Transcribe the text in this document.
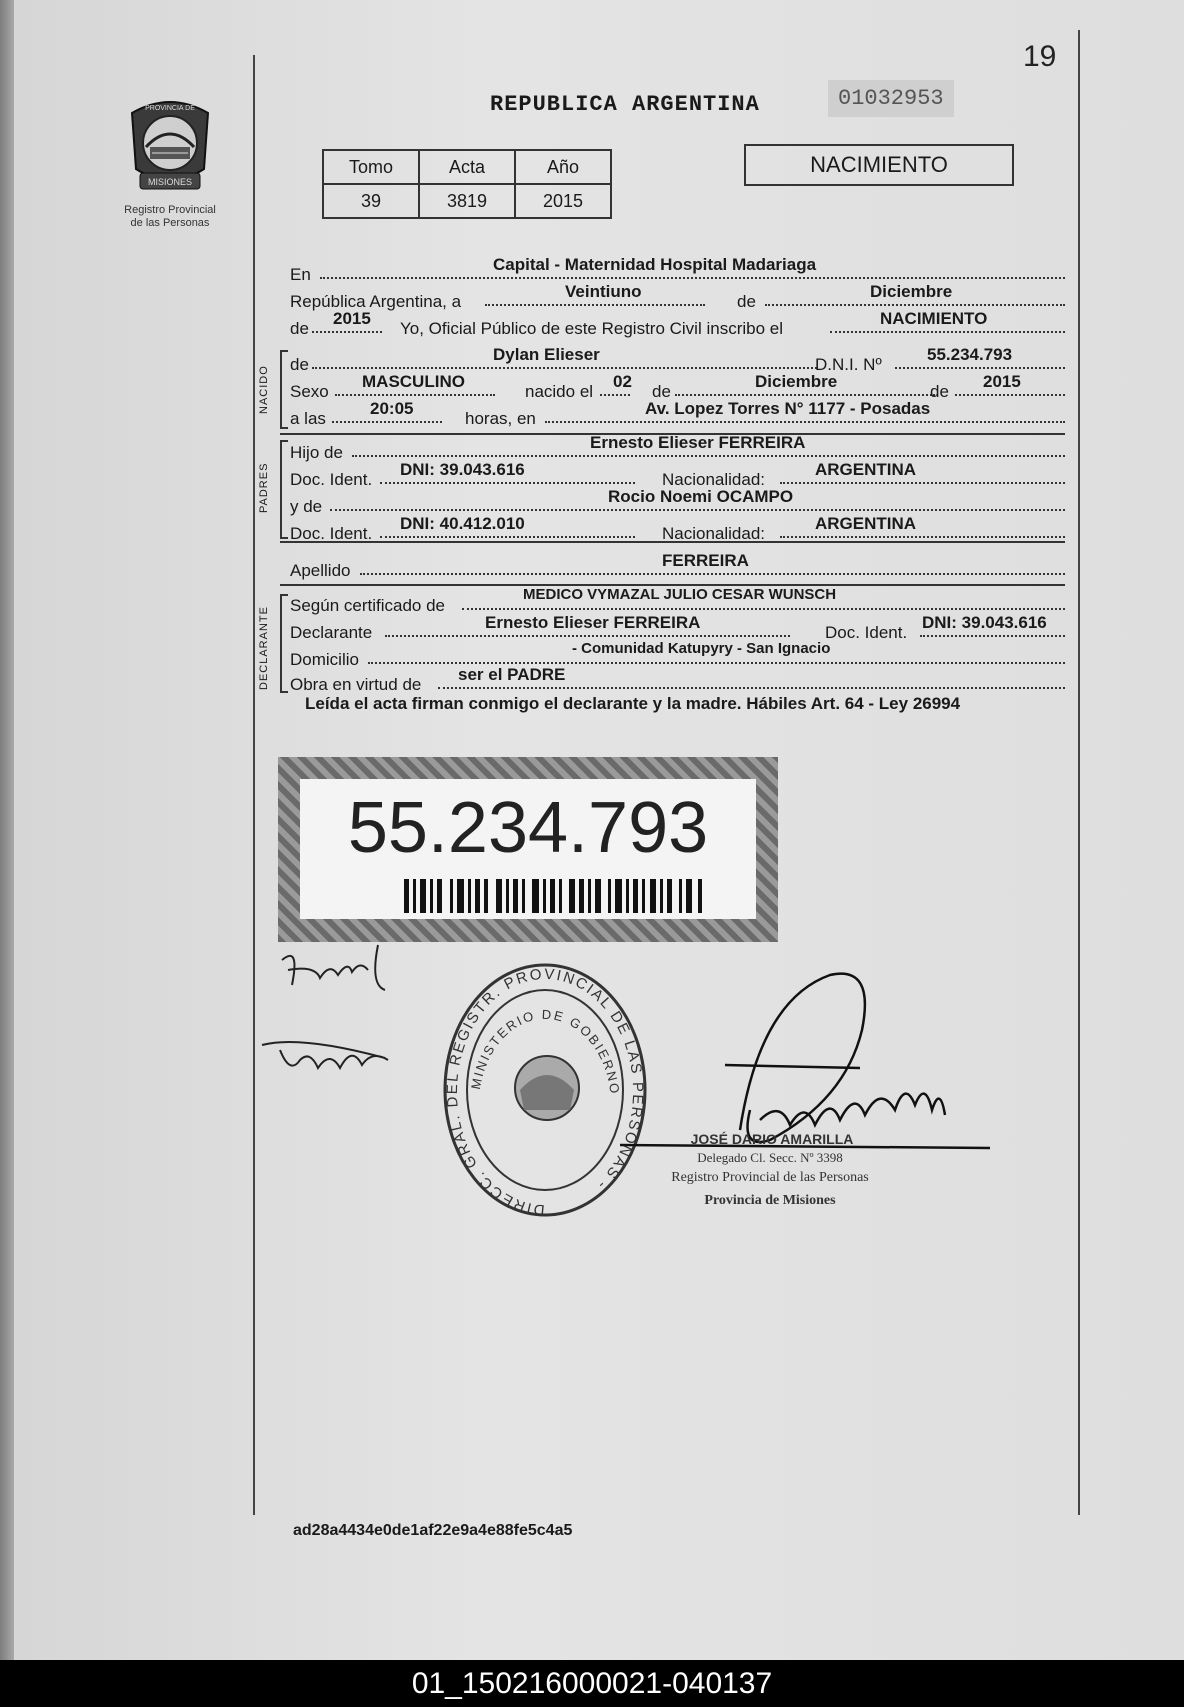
19
MISIONES
PROVINCIA DE
Registro Provincial
de las Personas
REPUBLICA ARGENTINA	01032953
Tomo	Acta	Año
39	3819	2015
NACIMIENTO
En
Capital - Maternidad Hospital Madariaga
República Argentina, a
Veintiuno
de
Diciembre
de
2015
Yo, Oficial Público de este Registro Civil inscribo el
NACIMIENTO
NACIDO
de
Dylan Elieser
D.N.I. Nº
55.234.793
Sexo
MASCULINO
nacido el
02
de
Diciembre
de
2015
a las
20:05
horas, en
Av. Lopez Torres N° 1177 - Posadas
PADRES
Hijo de
Ernesto Elieser FERREIRA
Doc. Ident.
DNI: 39.043.616
Nacionalidad:
ARGENTINA
y de
Rocio Noemi OCAMPO
Doc. Ident.
DNI: 40.412.010
Nacionalidad:
ARGENTINA
Apellido
FERREIRA
DECLARANTE
Según certificado de
MEDICO VYMAZAL JULIO CESAR WUNSCH
Declarante
Ernesto Elieser FERREIRA
Doc. Ident.
DNI: 39.043.616
Domicilio
- Comunidad Katupyry - San Ignacio
Obra en virtud de
ser el PADRE
Leída el acta firman conmigo el declarante y la madre. Hábiles Art. 64 - Ley 26994
55.234.793
DIRECC. GRAL. DEL REGISTR. PROVINCIAL DE LAS PERSONAS -
MINISTERIO DE GOBIERNO
JOSÉ DARIO AMARILLA
Delegado Cl. Secc. Nº 3398
Registro Provincial de las Personas
Provincia de Misiones
ad28a4434e0de1af22e9a4e88fe5c4a5
01_150216000021-040137
